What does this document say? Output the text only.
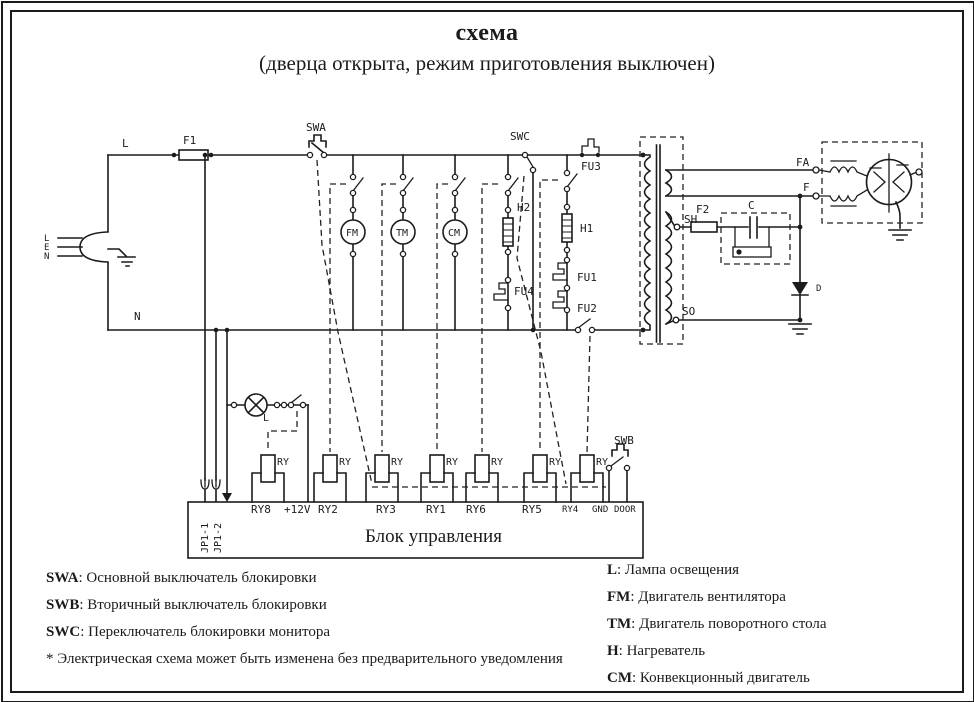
схема
(дверца открыта, режим приготовления выключен)
L	F1
SWA
SWC
FU3
L
E
N
N
FM	TM	CM
H2
H1
FU1
FU2
FU4
SH
SO
F2	C
D
FA
F
L
SWB
RY	RY	RY	RY	RY	RY	RY
RY8 +12V RY2	RY3	RY1 RY6	RY5 RY4 GND DOOR
JP1-1 JP1-2	Блок управления
SWA: Основной выключатель блокировки
SWB: Вторичный выключатель блокировки
SWC: Переключатель блокировки монитора
* Электрическая схема может быть изменена без предварительного уведомления
L: Лампа освещения
FM: Двигатель вентилятора
TM: Двигатель поворотного стола
H: Нагреватель
CM: Конвекционный двигатель
